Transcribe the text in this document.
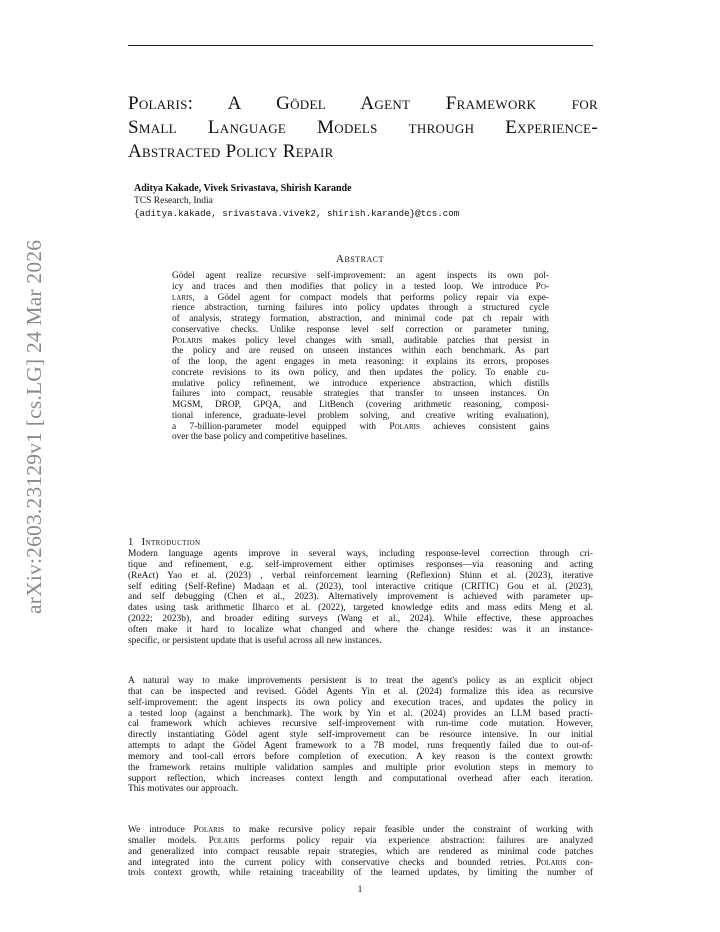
arXiv:2603.23129v1 [cs.LG] 24 Mar 2026
Polaris: A Gödel Agent Framework for
Small Language Models through Experience-
Abstracted Policy Repair
Aditya Kakade, Vivek Srivastava, Shirish Karande
TCS Research, India
{aditya.kakade, srivastava.vivek2, shirish.karande}@tcs.com
Abstract
Gödel agent realize recursive self-improvement: an agent inspects its own pol-
icy and traces and then modifies that policy in a tested loop. We introduce Po-
laris, a Gödel agent for compact models that performs policy repair via expe-
rience abstraction, turning failures into policy updates through a structured cycle
of analysis, strategy formation, abstraction, and minimal code pat ch repair with
conservative checks. Unlike response level self correction or parameter tuning,
Polaris makes policy level changes with small, auditable patches that persist in
the policy and are reused on unseen instances within each benchmark. As part
of the loop, the agent engages in meta reasoning: it explains its errors, proposes
concrete revisions to its own policy, and then updates the policy. To enable cu-
mulative policy refinement, we introduce experience abstraction, which distills
failures into compact, reusable strategies that transfer to unseen instances. On
MGSM, DROP, GPQA, and LitBench (covering arithmetic reasoning, composi-
tional inference, graduate-level problem solving, and creative writing evaluation),
a 7-billion-parameter model equipped with Polaris achieves consistent gains
over the base policy and competitive baselines.
1 Introduction
Modern language agents improve in several ways, including response-level correction through cri-
tique and refinement, e.g. self-improvement either optimises responses—via reasoning and acting
(ReAct) Yao et al. (2023) , verbal reinforcement learning (Reflexion) Shinn et al. (2023), iterative
self editing (Self-Refine) Madaan et al. (2023), tool interactive critique (CRITIC) Gou et al. (2023),
and self debugging (Chen et al., 2023). Alternatively improvement is achieved with parameter up-
dates using task arithmetic Ilharco et al. (2022), targeted knowledge edits and mass edits Meng et al.
(2022; 2023b), and broader editing surveys (Wang et al., 2024). While effective, these approaches
often make it hard to localize what changed and where the change resides: was it an instance-
specific, or persistent update that is useful across all new instances.
A natural way to make improvements persistent is to treat the agent's policy as an explicit object
that can be inspected and revised. Gödel Agents Yin et al. (2024) formalize this idea as recursive
self-improvement: the agent inspects its own policy and execution traces, and updates the policy in
a tested loop (against a benchmark). The work by Yin et al. (2024) provides an LLM based practi-
cal framework which achieves recursive self-improvement with run-time code mutation. However,
directly instantiating Gödel agent style self-improvement can be resource intensive. In our initial
attempts to adapt the Gödel Agent framework to a 7B model, runs frequently failed due to out-of-
memory and tool-call errors before completion of execution. A key reason is the context growth:
the framework retains multiple validation samples and multiple prior evolution steps in memory to
support reflection, which increases context length and computational overhead after each iteration.
This motivates our approach.
We introduce Polaris to make recursive policy repair feasible under the constraint of working with
smaller models. Polaris performs policy repair via experience abstraction: failures are analyzed
and generalized into compact reusable repair strategies, which are rendered as minimal code patches
and integrated into the current policy with conservative checks and bounded retries. Polaris con-
trols context growth, while retaining traceability of the learned updates, by limiting the number of
1
